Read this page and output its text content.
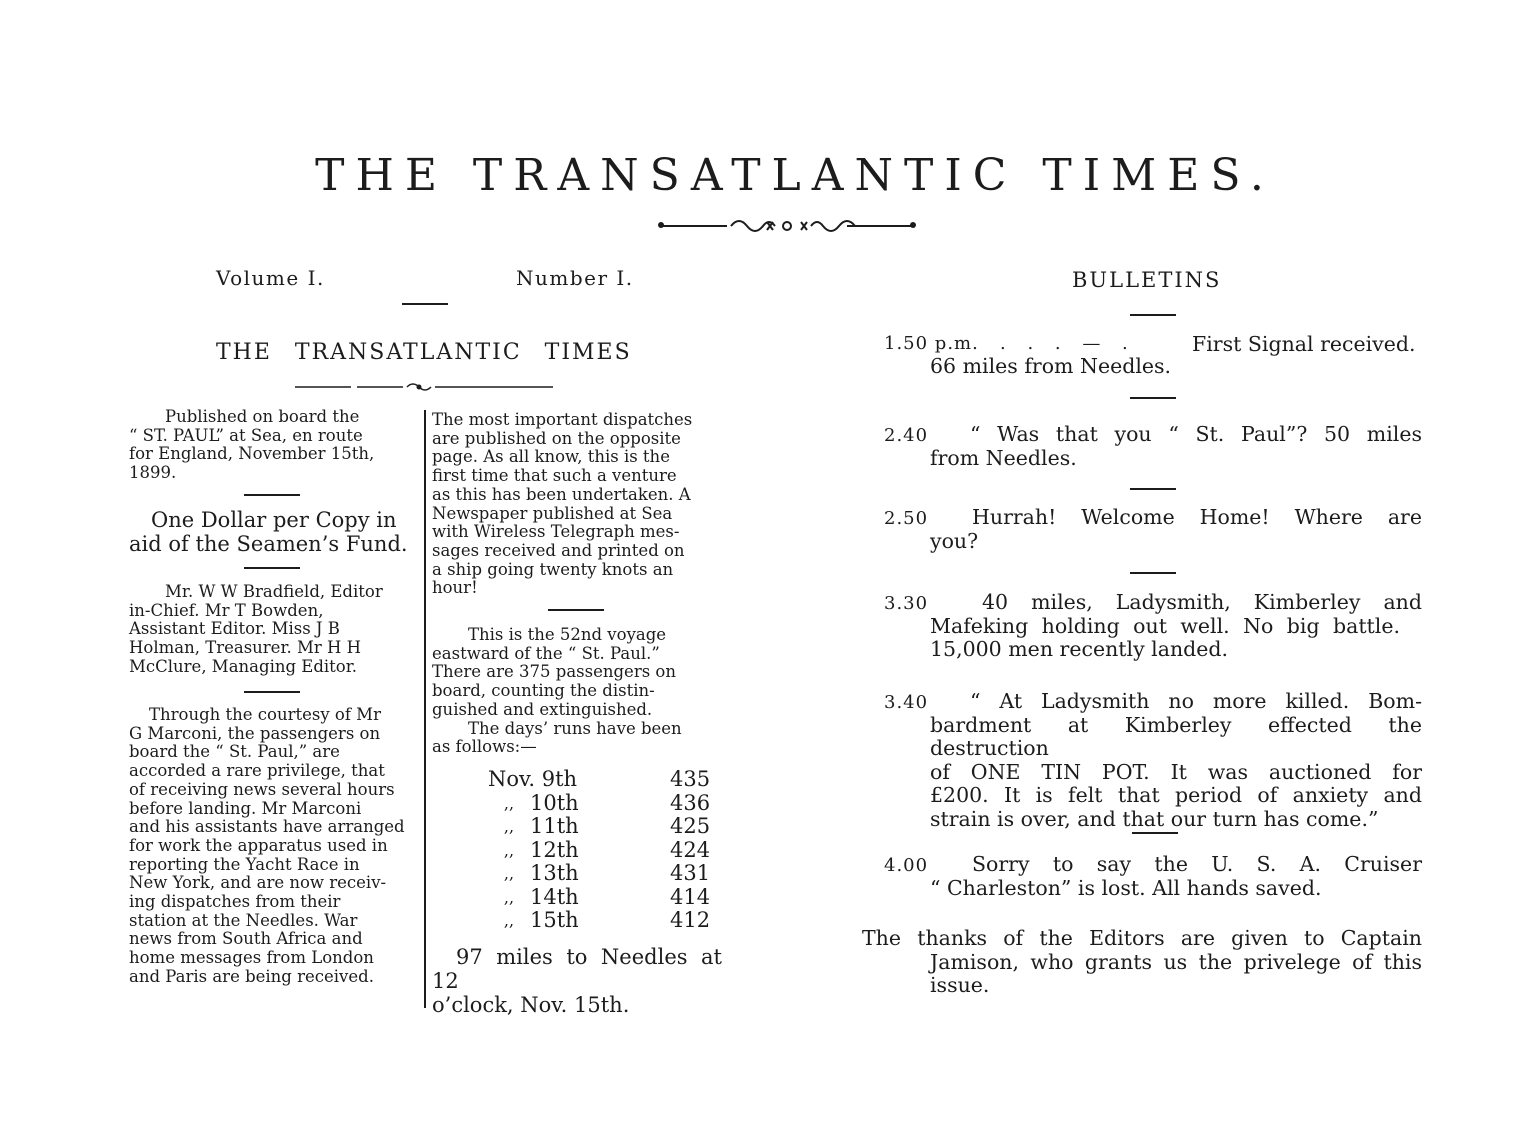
THE TRANSATLANTIC TIMES.
Volume I.	Number I.
THE TRANSATLANTIC TIMES

Published on board the

“ ST. PAUL” at Sea, en route

for England, November 15th,

1899.

One Dollar per Copy in

aid of the Seamen’s Fund.

Mr. W W Bradfield, Editor

in-Chief. Mr T Bowden,

Assistant Editor. Miss J B

Holman, Treasurer. Mr H H

McClure, Managing Editor.

Through the courtesy of Mr

G Marconi, the passengers on

board the “ St. Paul,” are

accorded a rare privilege, that

of receiving news several hours

before landing. Mr Marconi

and his assistants have arranged

for work the apparatus used in

reporting the Yacht Race in

New York, and are now receiv-

ing dispatches from their

station at the Needles. War

news from South Africa and

home messages from London

and Paris are being received.

The most important dispatches

are published on the opposite

page. As all know, this is the

first time that such a venture

as this has been undertaken. A

Newspaper published at Sea

with Wireless Telegraph mes-

sages received and printed on

a ship going twenty knots an

hour!

This is the 52nd voyage

eastward of the “ St. Paul.”

There are 375 passengers on

board, counting the distin-

guished and extinguished.

The days’ runs have been

as follows:—

Nov. 9th		435
,,	10th	436
,,	11th	425
,,	12th	424
,,	13th	431
,,	14th	414
,,	15th	412

97 miles to Needles at 12

o’clock, Nov. 15th.

BULLETINS
1.50 p.m. . . . — .	First Signal received.
66 miles from Needles.
2.40	“ Was that you “ St. Paul”? 50 miles
from Needles.
2.50	Hurrah! Welcome Home! Where are
you?
3.30	40 miles, Ladysmith, Kimberley and
Mafeking holding out well. No big battle.
15,000 men recently landed.
3.40	“ At Ladysmith no more killed. Bom-
bardment at Kimberley effected the destruction
of ONE TIN POT. It was auctioned for
£200. It is felt that period of anxiety and
strain is over, and that our turn has come.”
4.00	Sorry to say the U. S. A. Cruiser
“ Charleston” is lost. All hands saved.
The thanks of the Editors are given to Captain
Jamison, who grants us the privelege of this
issue.
